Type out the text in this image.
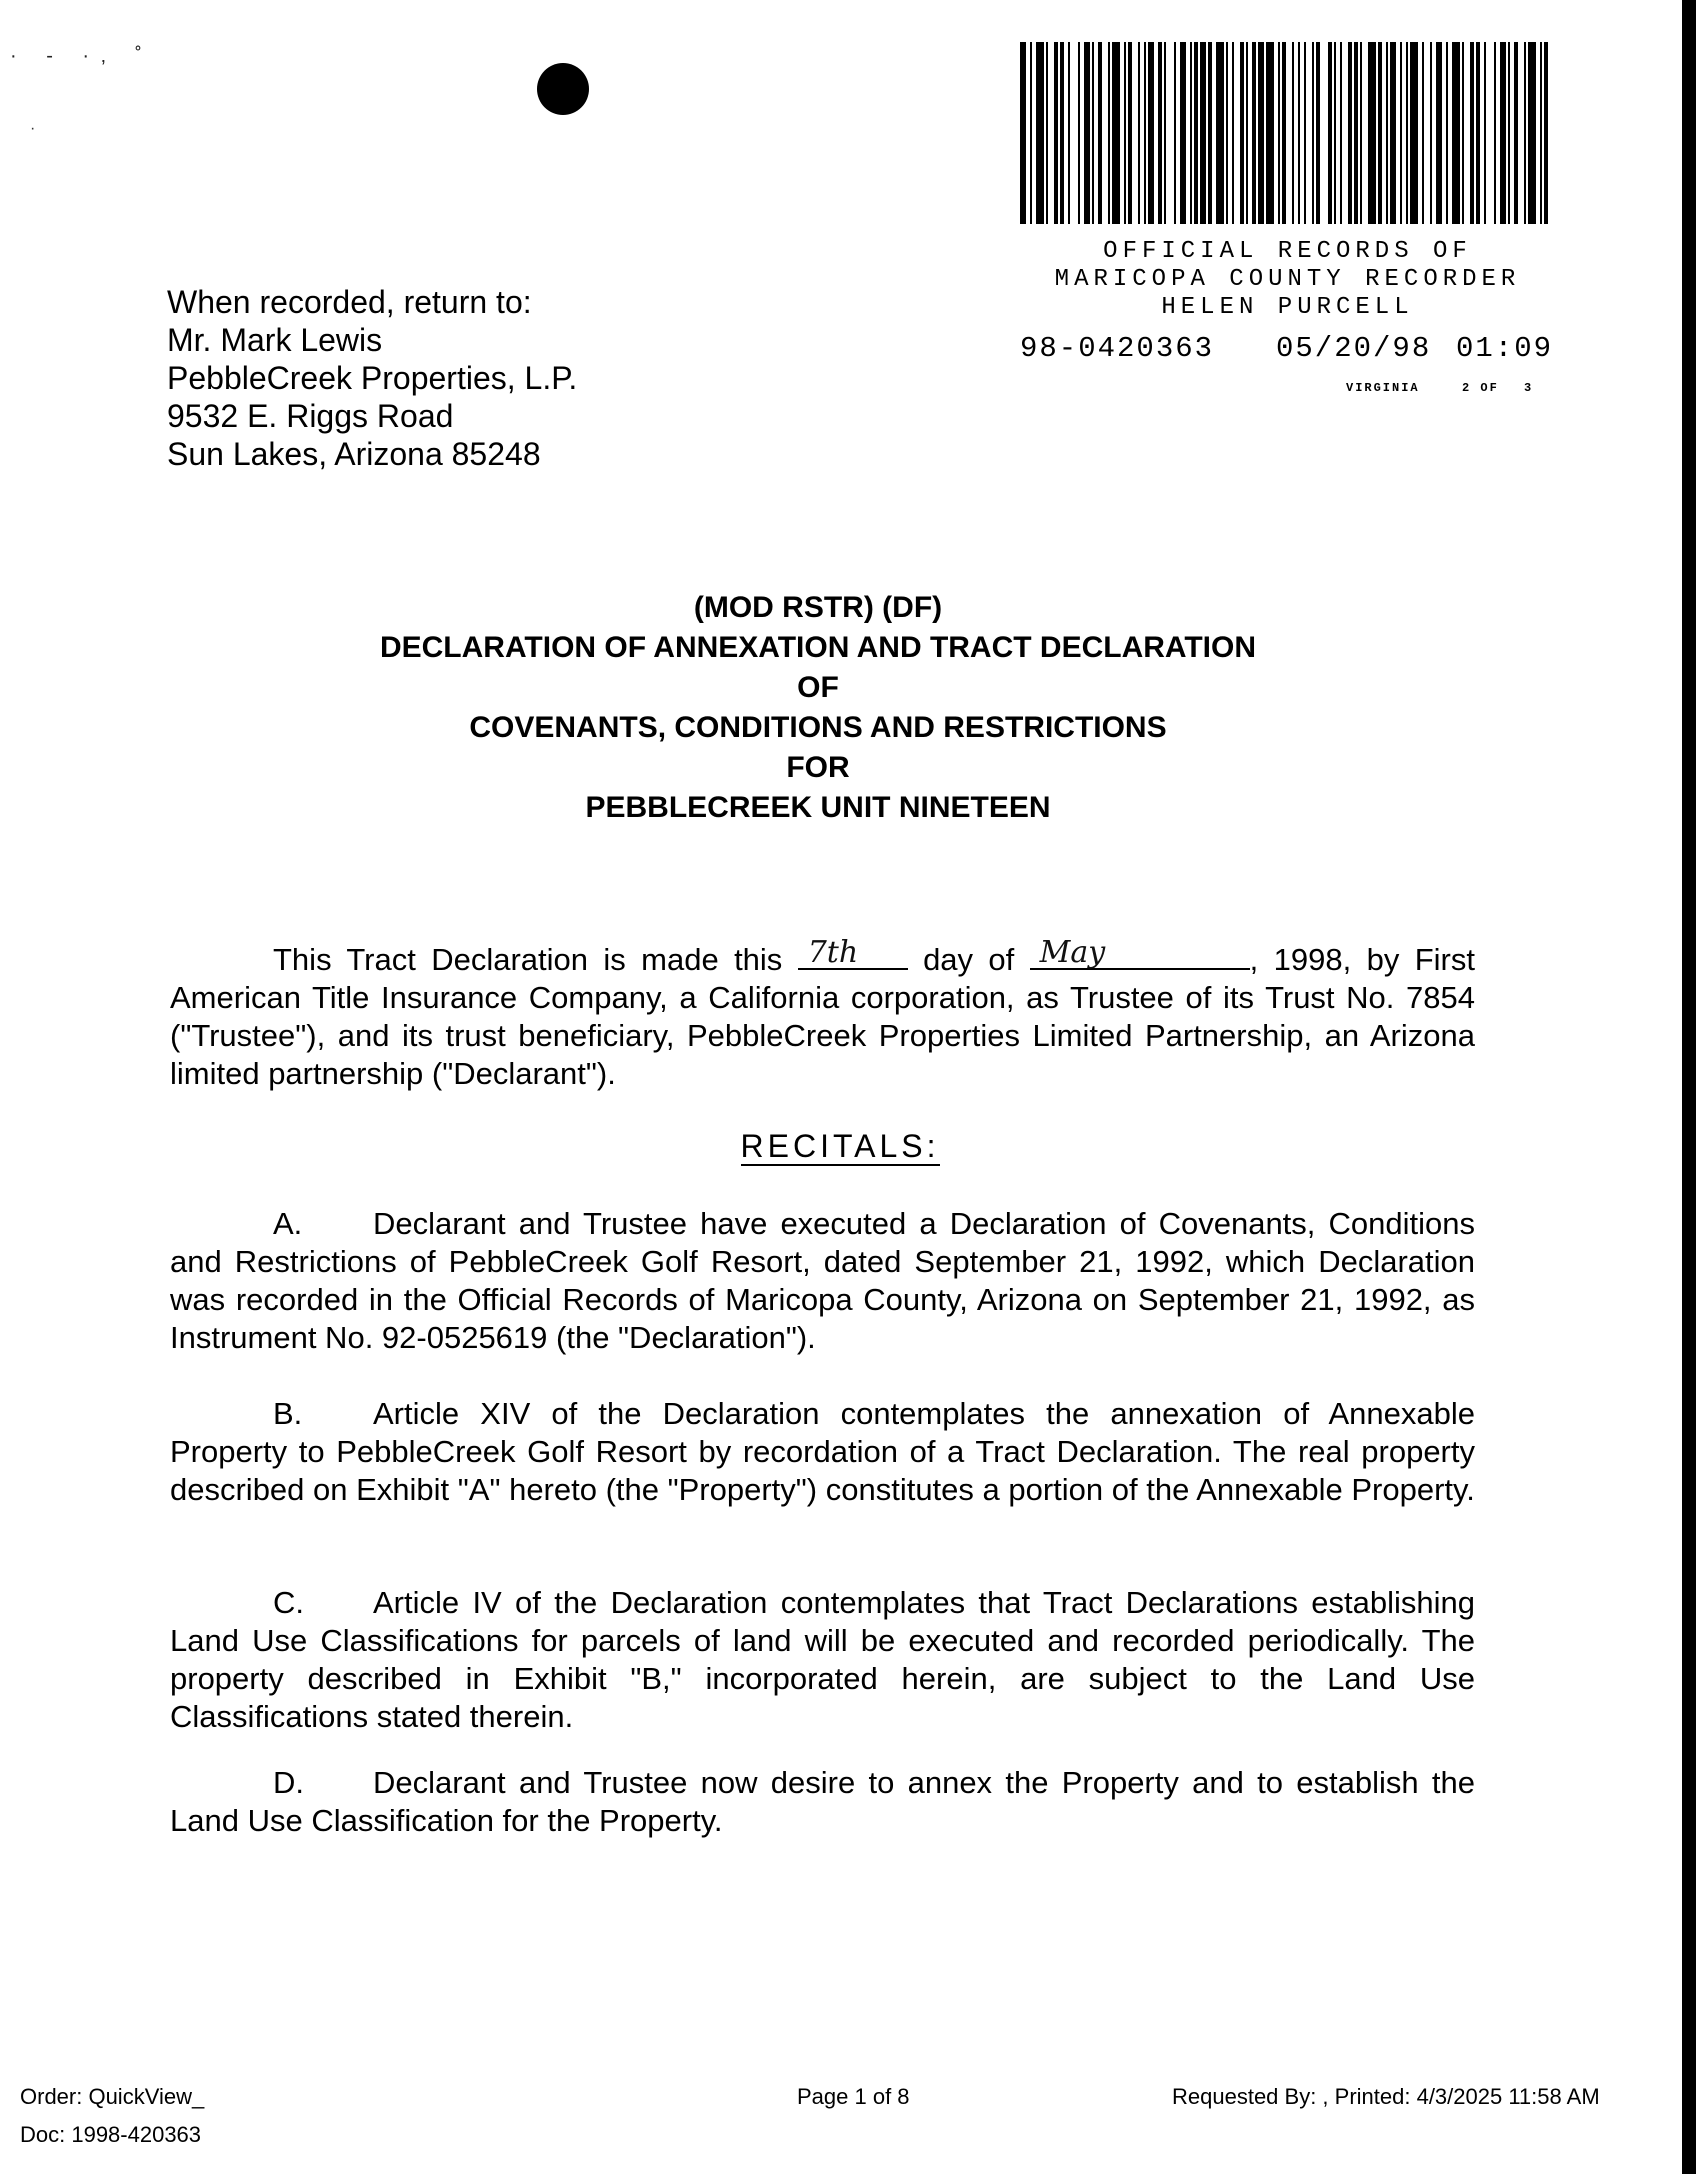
· - ·‚ ˚
·
OFFICIAL RECORDS OF
MARICOPA COUNTY RECORDER
HELEN PURCELL
98-0420363 05/20/98 01:09
VIRGINIA	2 OF 3
When recorded, return to:
Mr. Mark Lewis
PebbleCreek Properties, L.P.
9532 E. Riggs Road
Sun Lakes, Arizona 85248
(MOD RSTR) (DF)
DECLARATION OF ANNEXATION AND TRACT DECLARATION
OF
COVENANTS, CONDITIONS AND RESTRICTIONS
FOR
PEBBLECREEK UNIT NINETEEN
This Tract Declaration is made this 7th day of May	, 1998, by First American Title Insurance Company, a California corporation, as Trustee of its Trust No. 7854 ("Trustee"), and its trust beneficiary, PebbleCreek Properties Limited Partnership, an Arizona limited partnership ("Declarant").
RECITALS:
A. Declarant and Trustee have executed a Declaration of Covenants, Conditions and Restrictions of PebbleCreek Golf Resort, dated September 21, 1992, which Declaration was recorded in the Official Records of Maricopa County, Arizona on September 21, 1992, as Instrument No. 92-0525619 (the "Declaration").
B. Article XIV of the Declaration contemplates the annexation of Annexable Property to PebbleCreek Golf Resort by recordation of a Tract Declaration. The real property described on Exhibit "A" hereto (the "Property") constitutes a portion of the Annexable Property.
C. Article IV of the Declaration contemplates that Tract Declarations establishing Land Use Classifications for parcels of land will be executed and recorded periodically. The property described in Exhibit "B," incorporated herein, are subject to the Land Use Classifications stated therein.
D. Declarant and Trustee now desire to annex the Property and to establish the Land Use Classification for the Property.
Order: QuickView_
Doc: 1998-420363
Page 1 of 8	Requested By: , Printed: 4/3/2025 11:58 AM
